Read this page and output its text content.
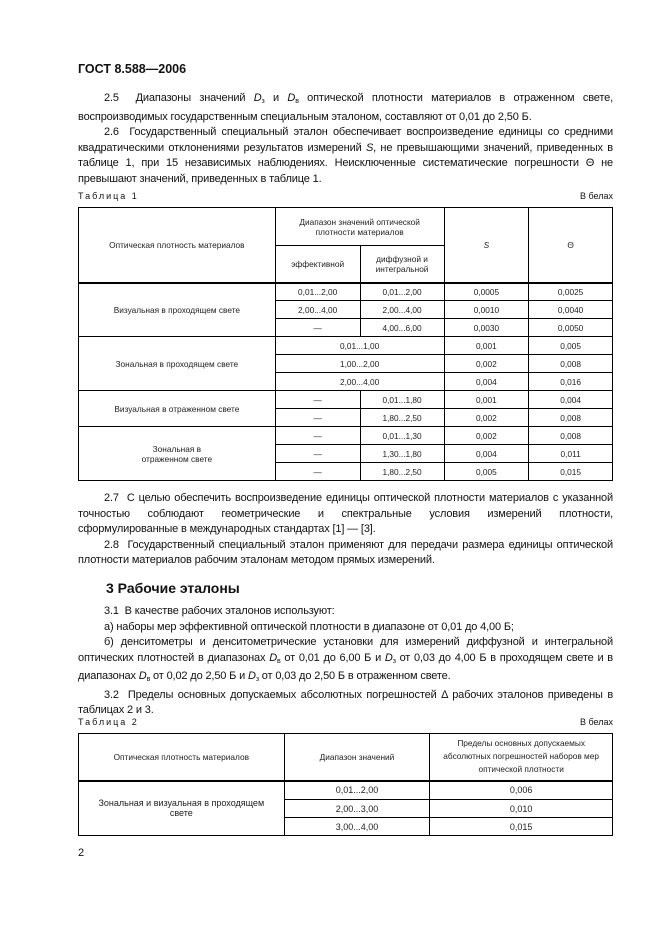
ГОСТ 8.588—2006

2.5 Диапазоны значений $D_з$ и $D_в$ оптической плотности материалов в отраженном свете, воспроизводимых государственным специальным эталоном, составляют от 0,01 до 2,50 Б.

2.6 Государственный специальный эталон обеспечивает воспроизведение единицы со средними квадратическими отклонениями результатов измерений S, не превышающими значений, приведенных в таблице 1, при 15 независимых наблюдениях. Неисключенные систематические погрешности Θ не превышают значений, приведенных в таблице 1.

Таблица 1	В белах
Оптическая плотность материалов	Диапазон значений оптической плотности материалов		S	Θ
	эффективной	диффузной и интегральной		
Визуальная в проходящем свете	0,01...2,00	0,01...2,00	0,0005	0,0025
	2,00...4,00	2,00...4,00	0,0010	0,0040
	—	4,00...6,00	0,0030	0,0050
Зональная в проходящем свете	0,01...1,00		0,001	0,005
	1,00...2,00		0,002	0,008
	2,00...4,00		0,004	0,016
Визуальная в отраженном свете	—	0,01...1,80	0,001	0,004
	—	1,80...2,50	0,002	0,008
Зональная в отраженном свете	—	0,01...1,30	0,002	0,008
	—	1,30...1,80	0,004	0,011
	—	1,80...2,50	0,005	0,015

2.7 С целью обеспечить воспроизведение единицы оптической плотности материалов с указанной точностью соблюдают геометрические и спектральные условия измерений плотности, сформулированные в международных стандартах [1] — [3].

2.8 Государственный специальный эталон применяют для передачи размера единицы оптической плотности материалов рабочим эталонам методом прямых измерений.

3 Рабочие эталоны

3.1 В качестве рабочих эталонов используют:

а) наборы мер эффективной оптической плотности в диапазоне от 0,01 до 4,00 Б;

б) денситометры и денситометрические установки для измерений диффузной и интегральной оптических плотностей в диапазонах $D_в$ от 0,01 до 6,00 Б и $D_з$ от 0,03 до 4,00 Б в проходящем свете и в диапазонах $D_в$ от 0,02 до 2,50 Б и $D_з$ от 0,03 до 2,50 Б в отраженном свете.

3.2 Пределы основных допускаемых абсолютных погрешностей Δ рабочих эталонов приведены в таблицах 2 и 3.

Таблица 2	В белах
Оптическая плотность материалов	Диапазон значений	Пределы основных допускаемых абсолютных погрешностей наборов мер оптической плотности
Зональная и визуальная в проходящем свете	0,01...2,00	0,006
	2,00...3,00	0,010
	3,00...4,00	0,015
2
